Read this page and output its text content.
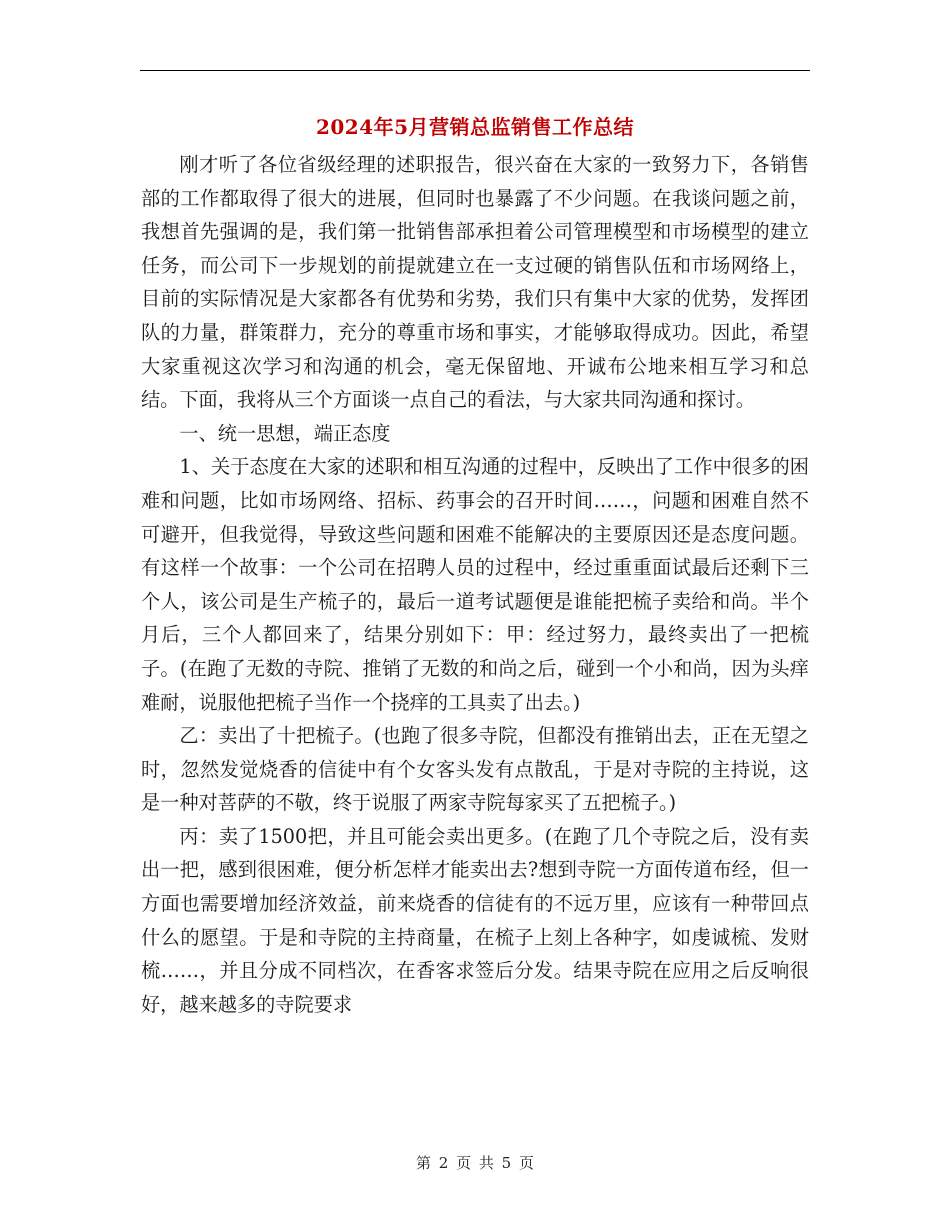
2024年5月营销总监销售工作总结

刚才听了各位省级经理的述职报告，很兴奋在大家的一致努力下，各销售部的工作都取得了很大的进展，但同时也暴露了不少问题。在我谈问题之前，我想首先强调的是，我们第一批销售部承担着公司管理模型和市场模型的建立任务，而公司下一步规划的前提就建立在一支过硬的销售队伍和市场网络上，目前的实际情况是大家都各有优势和劣势，我们只有集中大家的优势，发挥团队的力量，群策群力，充分的尊重市场和事实，才能够取得成功。因此，希望大家重视这次学习和沟通的机会，毫无保留地、开诚布公地来相互学习和总结。下面，我将从三个方面谈一点自己的看法，与大家共同沟通和探讨。

一、统一思想，端正态度

1、关于态度在大家的述职和相互沟通的过程中，反映出了工作中很多的困难和问题，比如市场网络、招标、药事会的召开时间……，问题和困难自然不可避开，但我觉得，导致这些问题和困难不能解决的主要原因还是态度问题。有这样一个故事：一个公司在招聘人员的过程中，经过重重面试最后还剩下三个人，该公司是生产梳子的，最后一道考试题便是谁能把梳子卖给和尚。半个月后，三个人都回来了，结果分别如下：甲：经过努力，最终卖出了一把梳子。(在跑了无数的寺院、推销了无数的和尚之后，碰到一个小和尚，因为头痒难耐，说服他把梳子当作一个挠痒的工具卖了出去。)

乙：卖出了十把梳子。(也跑了很多寺院，但都没有推销出去，正在无望之时，忽然发觉烧香的信徒中有个女客头发有点散乱，于是对寺院的主持说，这是一种对菩萨的不敬，终于说服了两家寺院每家买了五把梳子。)

丙：卖了1500把，并且可能会卖出更多。(在跑了几个寺院之后，没有卖出一把，感到很困难，便分析怎样才能卖出去?想到寺院一方面传道布经，但一方面也需要增加经济效益，前来烧香的信徒有的不远万里，应该有一种带回点什么的愿望。于是和寺院的主持商量，在梳子上刻上各种字，如虔诚梳、发财梳……，并且分成不同档次，在香客求签后分发。结果寺院在应用之后反响很好，越来越多的寺院要求

第 2 页 共 5 页
